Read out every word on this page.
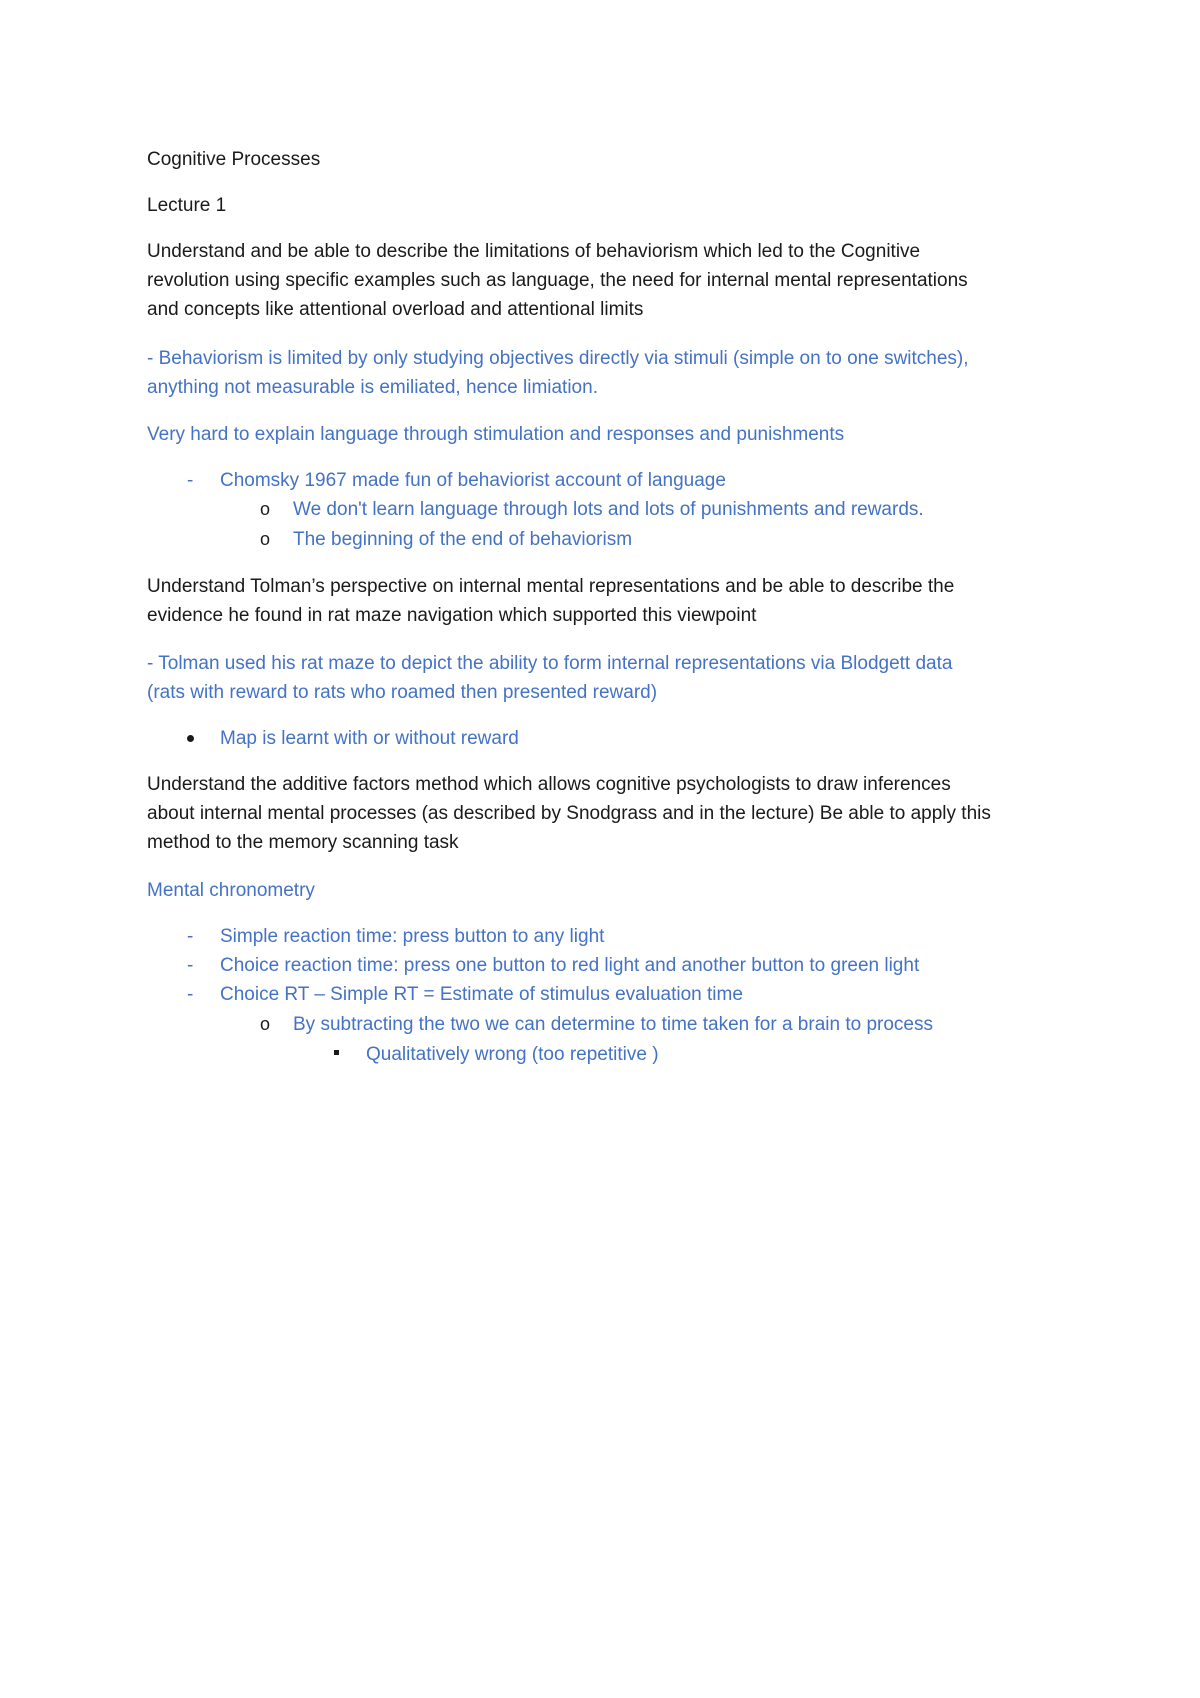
Cognitive Processes

Lecture 1

Understand and be able to describe the limitations of behaviorism which led to the Cognitive
revolution using specific examples such as language, the need for internal mental representations
and concepts like attentional overload and attentional limits
- Behaviorism is limited by only studying objectives directly via stimuli (simple on to one switches),
anything not measurable is emiliated, hence limiation.

Very hard to explain language through stimulation and responses and punishments

- Chomsky 1967 made fun of behaviorist account of language
o We don't learn language through lots and lots of punishments and rewards.
o The beginning of the end of behaviorism
Understand Tolman’s perspective on internal mental representations and be able to describe the
evidence he found in rat maze navigation which supported this viewpoint
- Tolman used his rat maze to depict the ability to form internal representations via Blodgett data
(rats with reward to rats who roamed then presented reward)
Map is learnt with or without reward
Understand the additive factors method which allows cognitive psychologists to draw inferences
about internal mental processes (as described by Snodgrass and in the lecture) Be able to apply this
method to the memory scanning task

Mental chronometry

- Simple reaction time: press button to any light
- Choice reaction time: press one button to red light and another button to green light
- Choice RT – Simple RT = Estimate of stimulus evaluation time
o By subtracting the two we can determine to time taken for a brain to process
Qualitatively wrong (too repetitive )
